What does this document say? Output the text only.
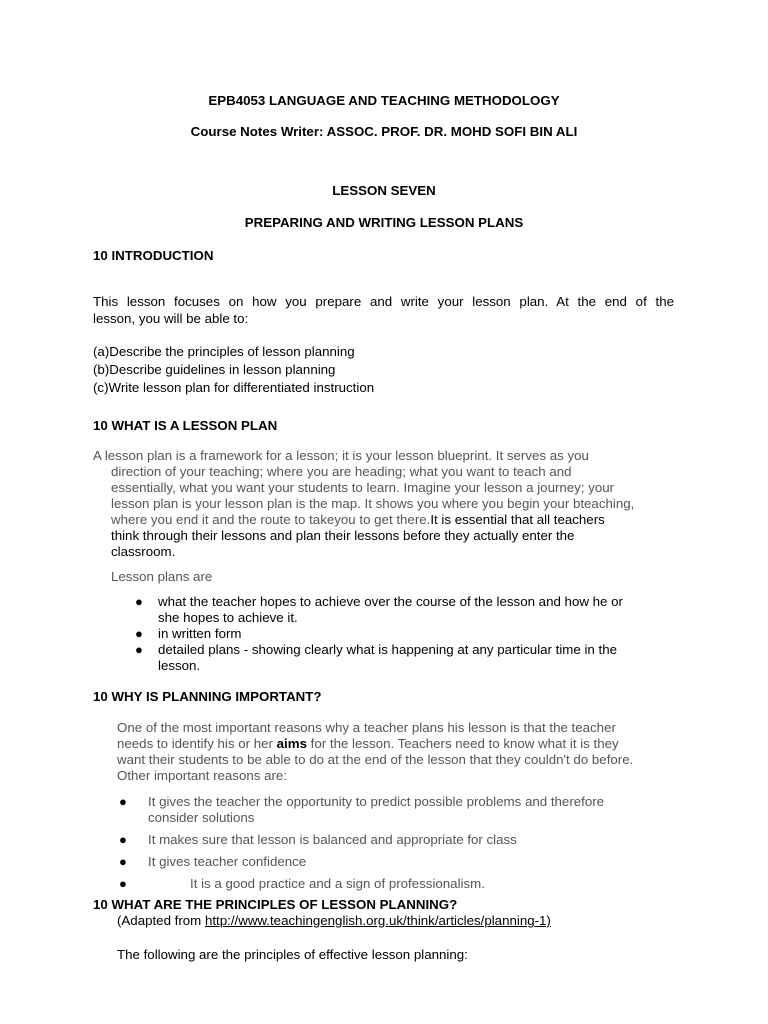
EPB4053 LANGUAGE AND TEACHING METHODOLOGY
Course Notes Writer: ASSOC. PROF. DR. MOHD SOFI BIN ALI
LESSON SEVEN
PREPARING AND WRITING LESSON PLANS
10 INTRODUCTION
This lesson focuses on how you prepare and write your lesson plan. At the end of the
lesson, you will be able to:
(a)Describe the principles of lesson planning
(b)Describe guidelines in lesson planning
(c)Write lesson plan for differentiated instruction
10 WHAT IS A LESSON PLAN
A lesson plan is a framework for a lesson; it is your lesson blueprint. It serves as you
direction of your teaching; where you are heading; what you want to teach and
essentially, what you want your students to learn. Imagine your lesson a journey; your
lesson plan is your lesson plan is the map. It shows you where you begin your bteaching,
where you end it and the route to takeyou to get there.It is essential that all teachers
think through their lessons and plan their lessons before they actually enter the
classroom.
Lesson plans are
● what the teacher hopes to achieve over the course of the lesson and how he or
she hopes to achieve it.
● in written form
● detailed plans - showing clearly what is happening at any particular time in the
lesson.
10 WHY IS PLANNING IMPORTANT?
One of the most important reasons why a teacher plans his lesson is that the teacher
needs to identify his or her aims for the lesson. Teachers need to know what it is they
want their students to be able to do at the end of the lesson that they couldn't do before.
Other important reasons are:
● It gives the teacher the opportunity to predict possible problems and therefore
consider solutions
● It makes sure that lesson is balanced and appropriate for class
● It gives teacher confidence
●	It is a good practice and a sign of professionalism.
10 WHAT ARE THE PRINCIPLES OF LESSON PLANNING?
(Adapted from http://www.teachingenglish.org.uk/think/articles/planning-1)
The following are the principles of effective lesson planning:
